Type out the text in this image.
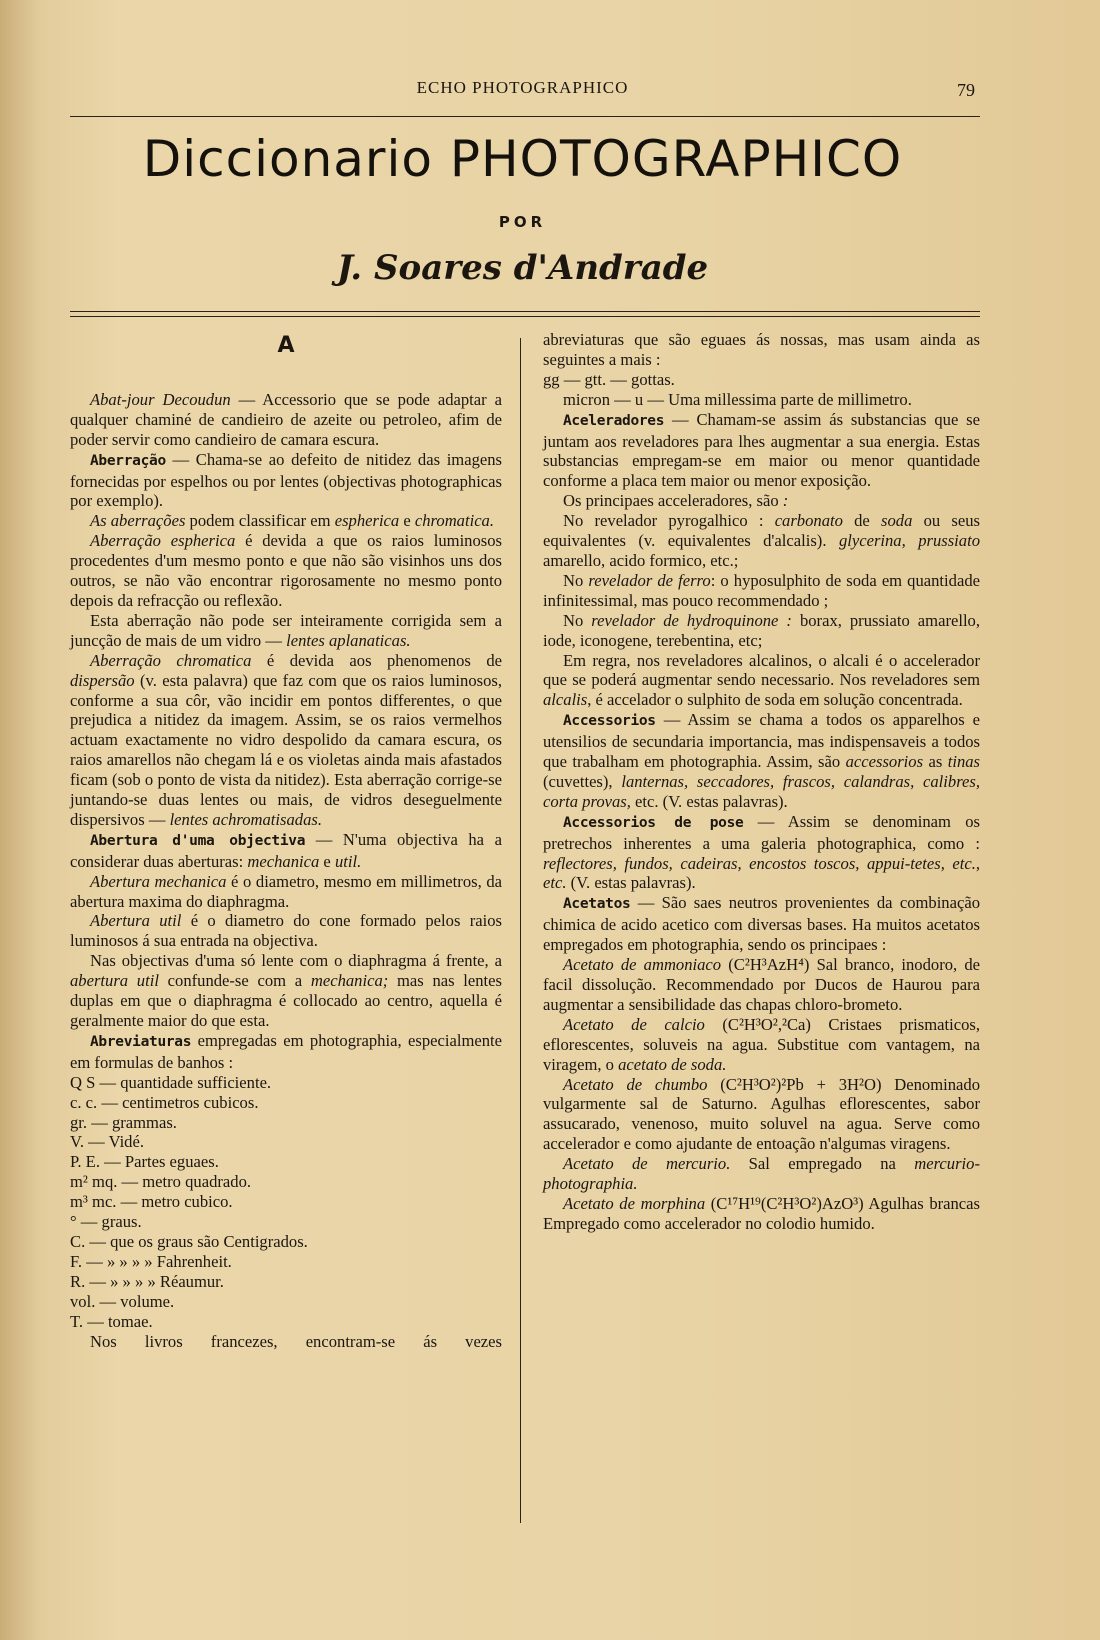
ECHO PHOTOGRAPHICO	79
Diccionario PHOTOGRAPHICO
POR
J. Soares d'Andrade
A

Abat-jour Decoudun — Accessorio que se pode adaptar a qualquer chaminé de candieiro de azeite ou petroleo, afim de poder servir como candieiro de camara escura.

Aberração — Chama-se ao defeito de nitidez das imagens fornecidas por espelhos ou por lentes (objectivas photographicas por exemplo).

As aberrações podem classificar em espherica e chromatica.

Aberração espherica é devida a que os raios luminosos procedentes d'um mesmo ponto e que não são visinhos uns dos outros, se não vão encontrar rigorosamente no mesmo ponto depois da refracção ou reflexão.

Esta aberração não pode ser inteiramente corrigida sem a juncção de mais de um vidro — lentes aplanaticas.

Aberração chromatica é devida aos phenomenos de dispersão (v. esta palavra) que faz com que os raios luminosos, conforme a sua côr, vão incidir em pontos differentes, o que prejudica a nitidez da imagem. Assim, se os raios vermelhos actuam exactamente no vidro despolido da camara escura, os raios amarellos não chegam lá e os violetas ainda mais afastados ficam (sob o ponto de vista da nitidez). Esta aberração corrige-se juntando-se duas lentes ou mais, de vidros deseguelmente dispersivos — lentes achromatisadas.

Abertura d'uma objectiva — N'uma objectiva ha a considerar duas aberturas: mechanica e util.

Abertura mechanica é o diametro, mesmo em millimetros, da abertura maxima do diaphragma.

Abertura util é o diametro do cone formado pelos raios luminosos á sua entrada na objectiva.

Nas objectivas d'uma só lente com o diaphragma á frente, a abertura util confunde-se com a mechanica; mas nas lentes duplas em que o diaphragma é collocado ao centro, aquella é geralmente maior do que esta.

Abreviaturas empregadas em photographia, especialmente em formulas de banhos :

Q S — quantidade sufficiente.

c. c. — centimetros cubicos.

gr. — grammas.

V. — Vidé.

P. E. — Partes eguaes.

m² mq. — metro quadrado.

m³ mc. — metro cubico.

° — graus.

C. — que os graus são Centigrados.

F. — » » » » Fahrenheit.

R. — » » » » Réaumur.

vol. — volume.

T. — tomae.

Nos livros francezes, encontram-se ás vezes

abreviaturas que são eguaes ás nossas, mas usam ainda as seguintes a mais :

gg — gtt. — gottas.

micron — u — Uma millessima parte de millimetro.

Aceleradores — Chamam-se assim ás substancias que se juntam aos reveladores para lhes augmentar a sua energia. Estas substancias empregam-se em maior ou menor quantidade conforme a placa tem maior ou menor exposição.

Os principaes acceleradores, são :

No revelador pyrogalhico : carbonato de soda ou seus equivalentes (v. equivalentes d'alcalis). glycerina, prussiato amarello, acido formico, etc.;

No revelador de ferro: o hyposulphito de soda em quantidade infinitessimal, mas pouco recommendado ;

No revelador de hydroquinone : borax, prussiato amarello, iode, iconogene, terebentina, etc;

Em regra, nos reveladores alcalinos, o alcali é o accelerador que se poderá augmentar sendo necessario. Nos reveladores sem alcalis, é accelador o sulphito de soda em solução concentrada.

Accessorios — Assim se chama a todos os apparelhos e utensilios de secundaria importancia, mas indispensaveis a todos que trabalham em photographia. Assim, são accessorios as tinas (cuvettes), lanternas, seccadores, frascos, calandras, calibres, corta provas, etc. (V. estas palavras).

Accessorios de pose — Assim se denominam os pretrechos inherentes a uma galeria photographica, como : reflectores, fundos, cadeiras, encostos toscos, appui-tetes, etc., etc. (V. estas palavras).

Acetatos — São saes neutros provenientes da combinação chimica de acido acetico com diversas bases. Ha muitos acetatos empregados em photographia, sendo os principaes :

Acetato de ammoniaco (C²H³AzH⁴) Sal branco, inodoro, de facil dissolução. Recommendado por Ducos de Haurou para augmentar a sensibilidade das chapas chloro-brometo.

Acetato de calcio (C²H³O²,²Ca) Cristaes prismaticos, eflorescentes, soluveis na agua. Substitue com vantagem, na viragem, o acetato de soda.

Acetato de chumbo (C²H³O²)²Pb + 3H²O) Denominado vulgarmente sal de Saturno. Agulhas eflorescentes, sabor assucarado, venenoso, muito soluvel na agua. Serve como accelerador e como ajudante de entoação n'algumas viragens.

Acetato de mercurio. Sal empregado na mercurio-photographia.

Acetato de morphina (C¹⁷H¹⁹(C²H³O²)AzO³) Agulhas brancas Empregado como accelerador no colodio humido.
